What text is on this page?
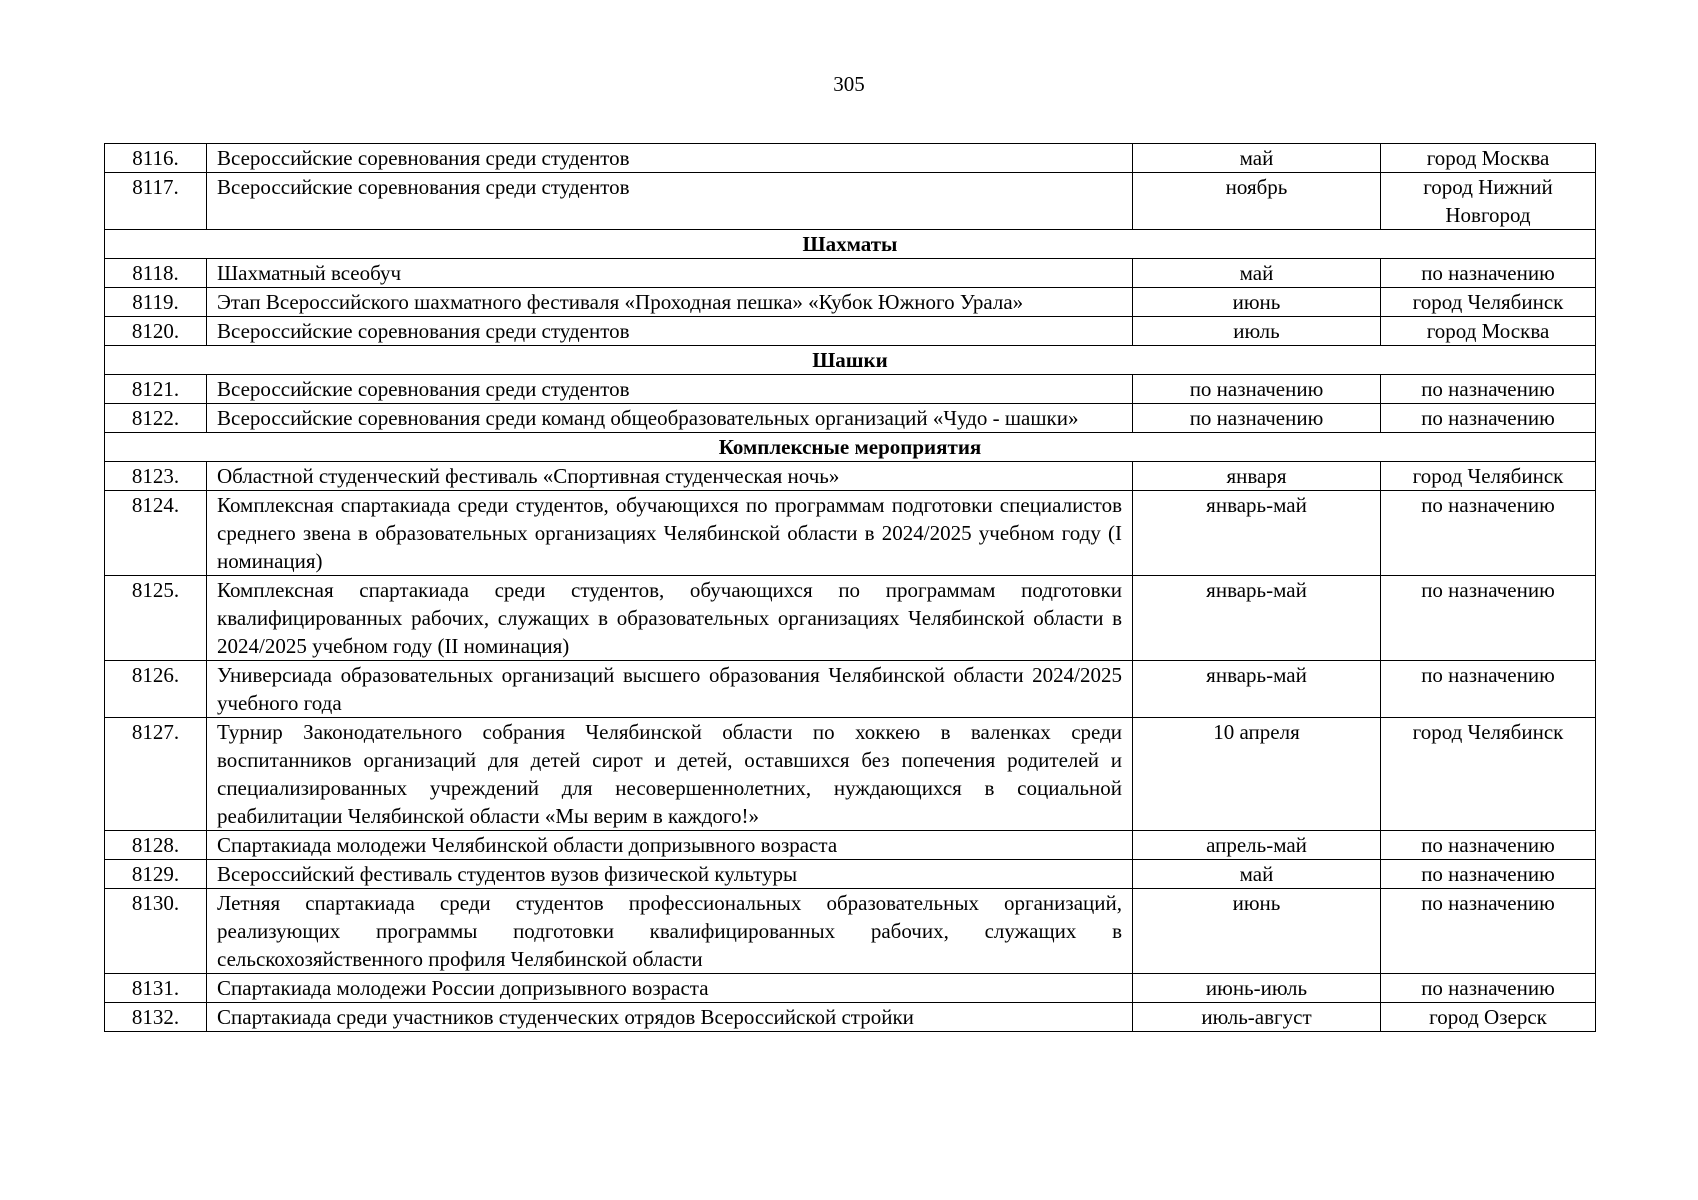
305
8116.	Всероссийские соревнования среди студентов	май	город Москва
8117.	Всероссийские соревнования среди студентов	ноябрь	город Нижний Новгород
Шахматы			
8118.	Шахматный всеобуч	май	по назначению
8119.	Этап Всероссийского шахматного фестиваля «Проходная пешка» «Кубок Южного Урала»	июнь	город Челябинск
8120.	Всероссийские соревнования среди студентов	июль	город Москва
Шашки			
8121.	Всероссийские соревнования среди студентов	по назначению	по назначению
8122.	Всероссийские соревнования среди команд общеобразовательных организаций «Чудо - шашки»	по назначению	по назначению
Комплексные мероприятия			
8123.	Областной студенческий фестиваль «Спортивная студенческая ночь»	января	город Челябинск
8124.	Комплексная спартакиада среди студентов, обучающихся по программам подготовки специалистов среднего звена в образовательных организациях Челябинской области в 2024/2025 учебном году (I номинация)	январь-май	по назначению
8125.	Комплексная спартакиада среди студентов, обучающихся по программам подготовки квалифицированных рабочих, служащих в образовательных организациях Челябинской области в 2024/2025 учебном году (II номинация)	январь-май	по назначению
8126.	Универсиада образовательных организаций высшего образования Челябинской области 2024/2025 учебного года	январь-май	по назначению
8127.	Турнир Законодательного собрания Челябинской области по хоккею в валенках среди воспитанников организаций для детей сирот и детей, оставшихся без попечения родителей и специализированных учреждений для несовершеннолетних, нуждающихся в социальной реабилитации Челябинской области «Мы верим в каждого!»	10 апреля	город Челябинск
8128.	Спартакиада молодежи Челябинской области допризывного возраста	апрель-май	по назначению
8129.	Всероссийский фестиваль студентов вузов физической культуры	май	по назначению
8130.	Летняя спартакиада среди студентов профессиональных образовательных организаций, реализующих программы подготовки квалифицированных рабочих, служащих в сельскохозяйственного профиля Челябинской области	июнь	по назначению
8131.	Спартакиада молодежи России допризывного возраста	июнь-июль	по назначению
8132.	Спартакиада среди участников студенческих отрядов Всероссийской стройки	июль-август	город Озерск
